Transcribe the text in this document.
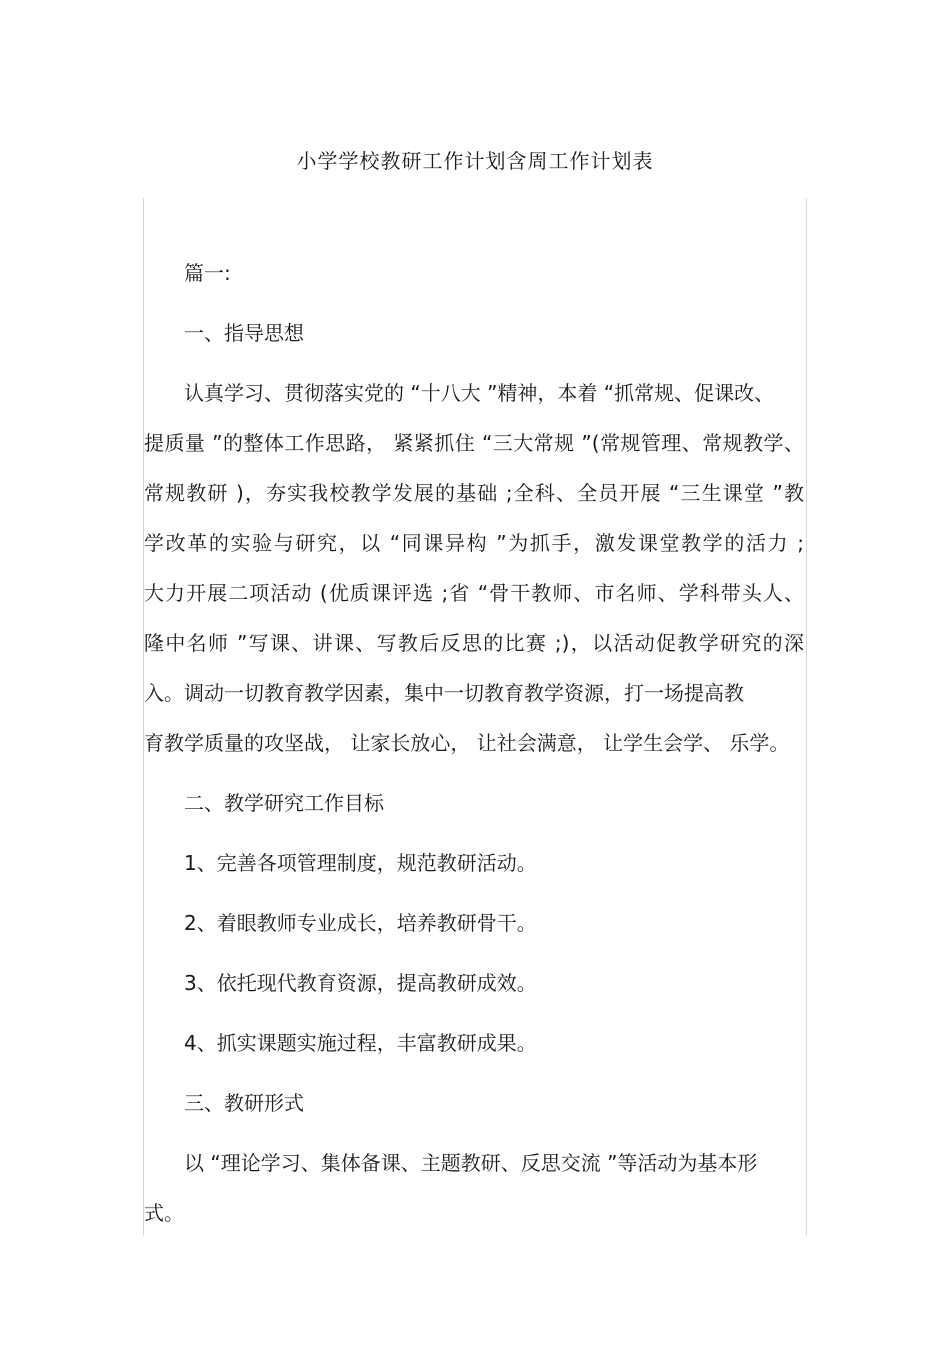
小学学校教研工作计划含周工作计划表
篇一:
一、指导思想
认真学习、贯彻落实党的 “十八大 ”精神，本着 “抓常规、促课改、
提质量 ”的整体工作思路， 紧紧抓住 “三大常规 ”(常规管理、常规教学、
常规教研 )，夯实我校教学发展的基础 ;全科、全员开展 “三生课堂 ”教
学改革的实验与研究，以 “同课异构 ”为抓手，激发课堂教学的活力 ;
大力开展二项活动 (优质课评选 ;省 “骨干教师、市名师、学科带头人、
隆中名师 ”写课、讲课、写教后反思的比赛 ;)，以活动促教学研究的深
入。调动一切教育教学因素，集中一切教育教学资源，打一场提高教
育教学质量的攻坚战， 让家长放心， 让社会满意， 让学生会学、 乐学。
二、教学研究工作目标
1、完善各项管理制度，规范教研活动。
2、着眼教师专业成长，培养教研骨干。
3、依托现代教育资源，提高教研成效。
4、抓实课题实施过程，丰富教研成果。
三、教研形式
以 “理论学习、集体备课、主题教研、反思交流 ”等活动为基本形
式。
